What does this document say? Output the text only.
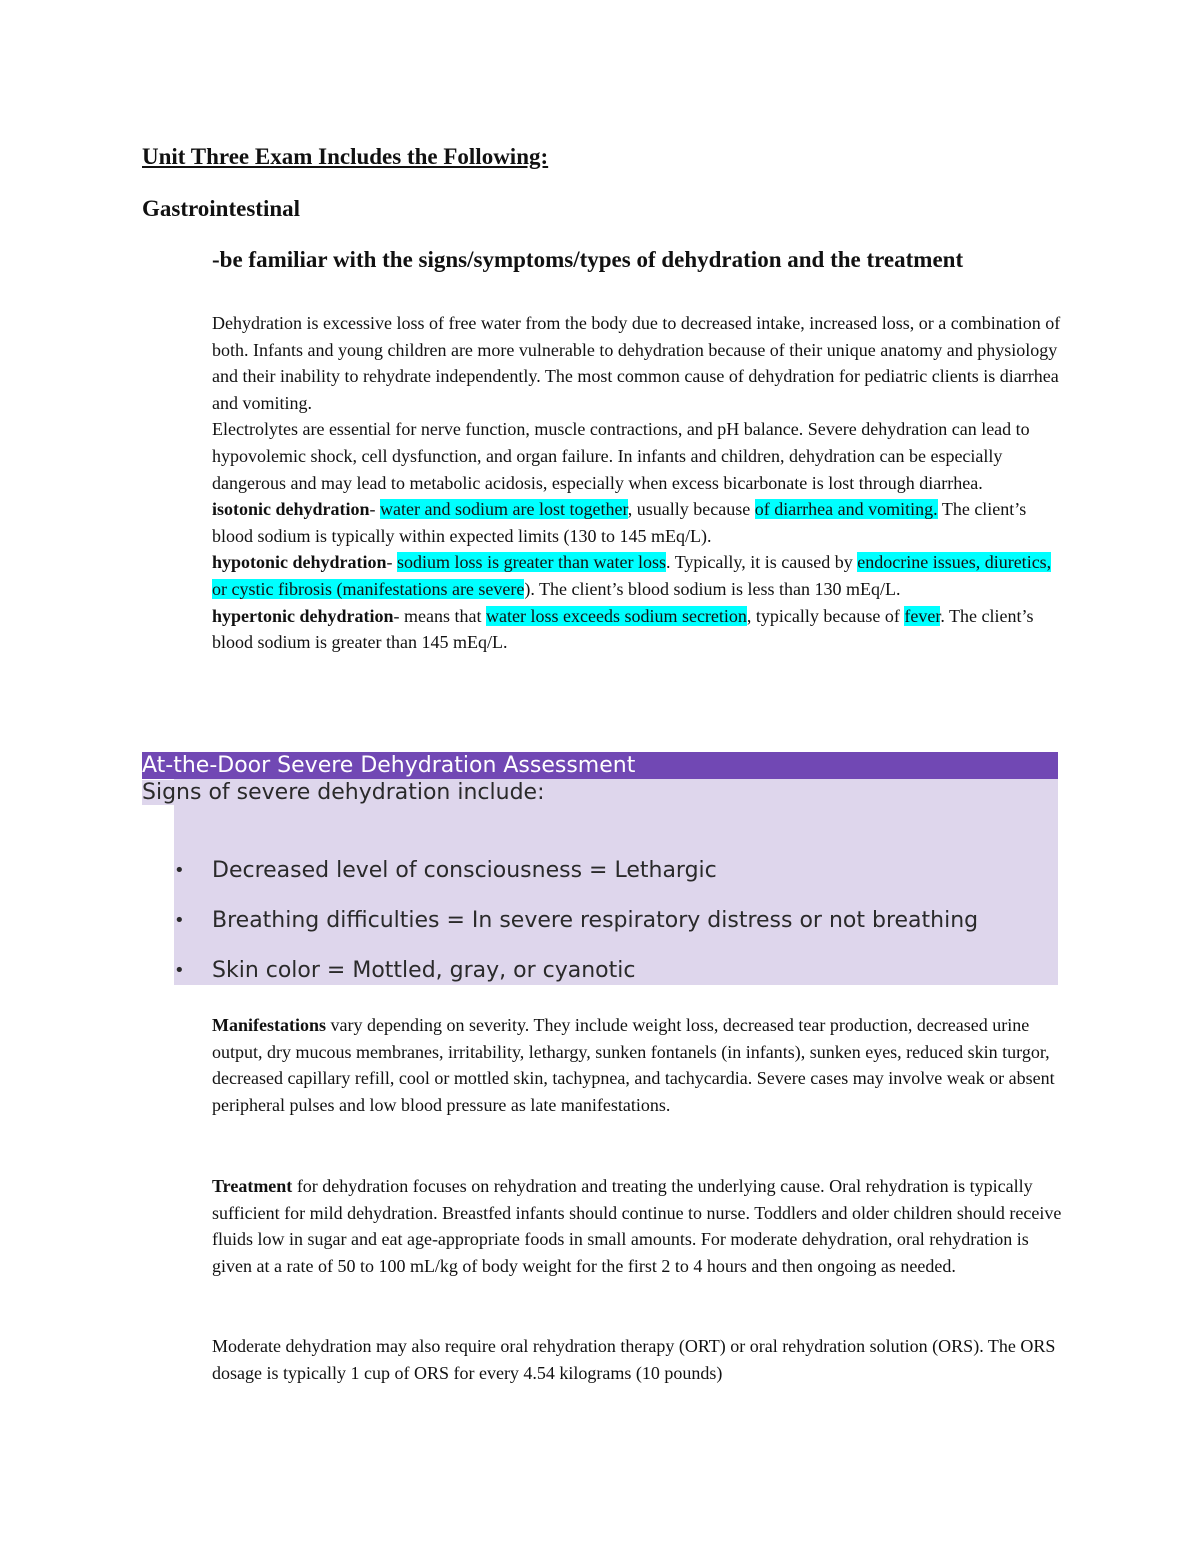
Unit Three Exam Includes the Following:
Gastrointestinal
-be familiar with the signs/symptoms/types of dehydration and the treatment

Dehydration is excessive loss of free water from the body due to decreased intake, increased loss, or a combination of both. Infants and young children are more vulnerable to dehydration because of their unique anatomy and physiology and their inability to rehydrate independently. The most common cause of dehydration for pediatric clients is diarrhea and vomiting.

Electrolytes are essential for nerve function, muscle contractions, and pH balance. Severe dehydration can lead to hypovolemic shock, cell dysfunction, and organ failure. In infants and children, dehydration can be especially dangerous and may lead to metabolic acidosis, especially when excess bicarbonate is lost through diarrhea.

isotonic dehydration- water and sodium are lost together, usually because of diarrhea and vomiting. The client’s blood sodium is typically within expected limits (130 to 145 mEq/L).

hypotonic dehydration- sodium loss is greater than water loss. Typically, it is caused by endocrine issues, diuretics, or cystic fibrosis (manifestations are severe). The client’s blood sodium is less than 130 mEq/L.

hypertonic dehydration- means that water loss exceeds sodium secretion, typically because of fever. The client’s blood sodium is greater than 145 mEq/L.

At-the-Door Severe Dehydration Assessment
Signs of severe dehydration include:
• Decreased level of consciousness = Lethargic
• Breathing difficulties = In severe respiratory distress or not breathing
• Skin color = Mottled, gray, or cyanotic

Manifestations vary depending on severity. They include weight loss, decreased tear production, decreased urine output, dry mucous membranes, irritability, lethargy, sunken fontanels (in infants), sunken eyes, reduced skin turgor, decreased capillary refill, cool or mottled skin, tachypnea, and tachycardia. Severe cases may involve weak or absent peripheral pulses and low blood pressure as late manifestations.

Treatment for dehydration focuses on rehydration and treating the underlying cause. Oral rehydration is typically sufficient for mild dehydration. Breastfed infants should continue to nurse. Toddlers and older children should receive fluids low in sugar and eat age-appropriate foods in small amounts. For moderate dehydration, oral rehydration is given at a rate of 50 to 100 mL/kg of body weight for the first 2 to 4 hours and then ongoing as needed.

Moderate dehydration may also require oral rehydration therapy (ORT) or oral rehydration solution (ORS). The ORS dosage is typically 1 cup of ORS for every 4.54 kilograms (10 pounds)
